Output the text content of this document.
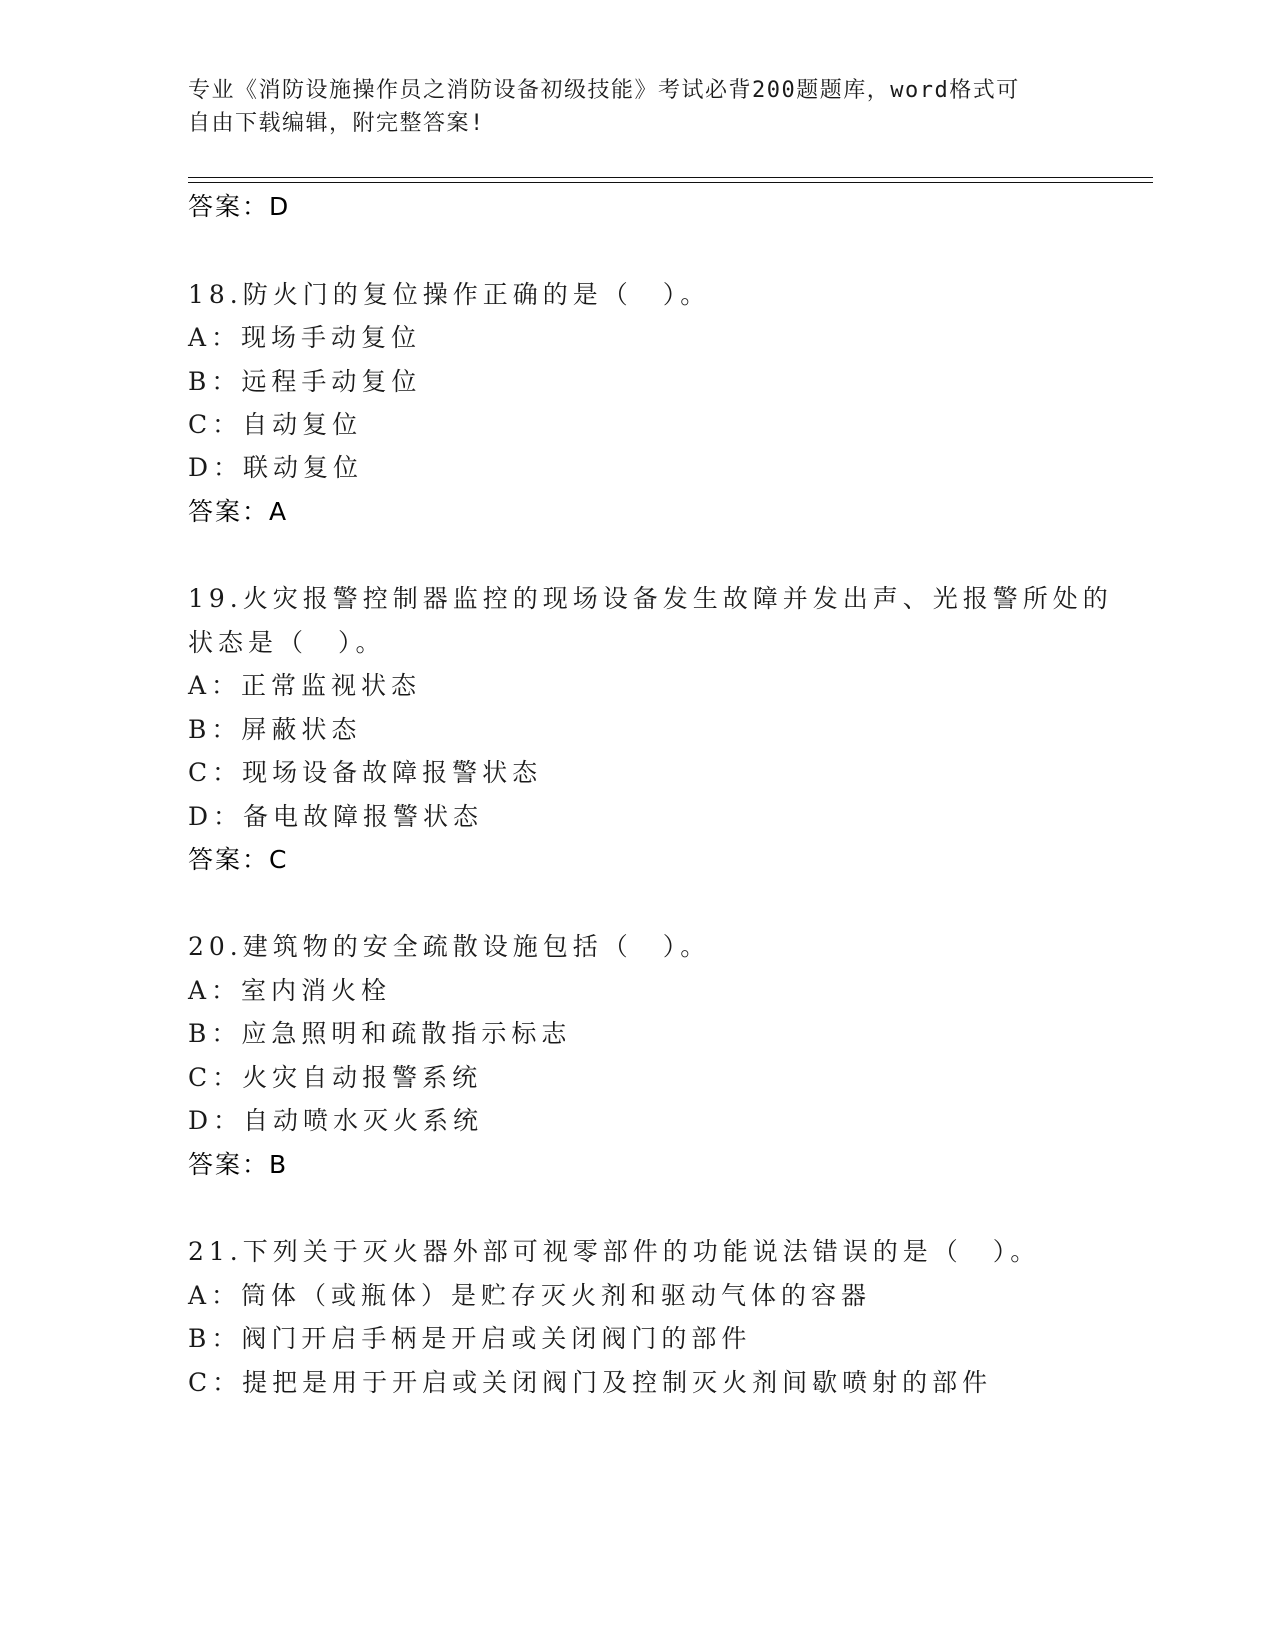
专业《消防设施操作员之消防设备初级技能》考试必背200题题库，word格式可
自由下载编辑，附完整答案!
答案：D
18.防火门的复位操作正确的是（　）。
A：现场手动复位
B：远程手动复位
C：自动复位
D：联动复位
答案：A
19.火灾报警控制器监控的现场设备发生故障并发出声、光报警所处的
状态是（　）。
A：正常监视状态
B：屏蔽状态
C：现场设备故障报警状态
D：备电故障报警状态
答案：C
20.建筑物的安全疏散设施包括（　）。
A：室内消火栓
B：应急照明和疏散指示标志
C：火灾自动报警系统
D：自动喷水灭火系统
答案：B
21.下列关于灭火器外部可视零部件的功能说法错误的是（　）。
A：筒体（或瓶体）是贮存灭火剂和驱动气体的容器
B：阀门开启手柄是开启或关闭阀门的部件
C：提把是用于开启或关闭阀门及控制灭火剂间歇喷射的部件
